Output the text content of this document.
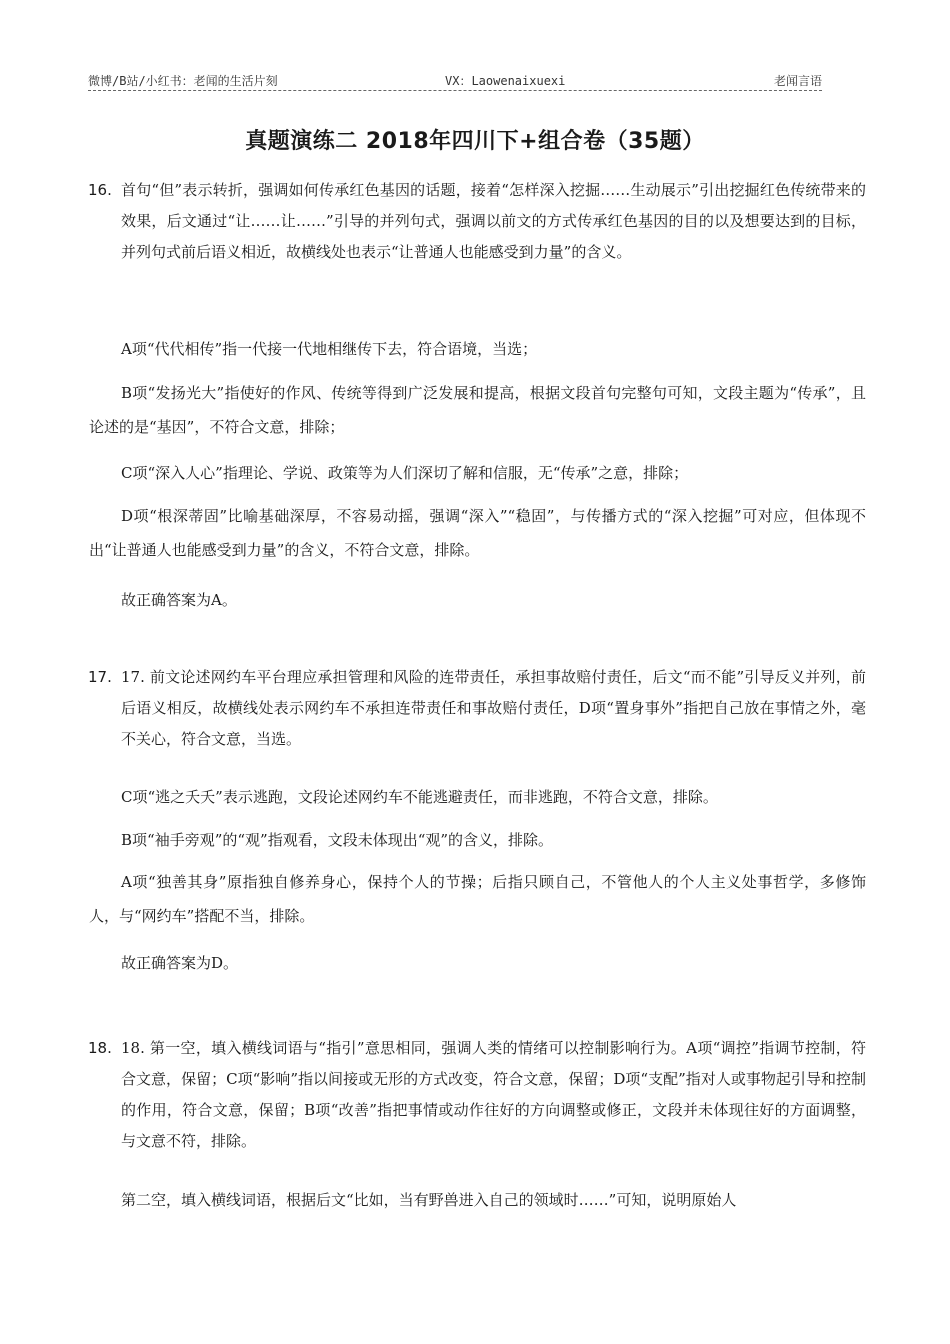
微博/B站/小红书：老闻的生活片刻	VX：Laowenaixuexi	老闻言语
真题演练二 2018年四川下+组合卷（35题）
16. 首句“但”表示转折，强调如何传承红色基因的话题，接着“怎样深入挖掘……生动展示”引出挖掘红色传统带来的效果，后文通过“让……让……”引导的并列句式，强调以前文的方式传承红色基因的目的以及想要达到的目标，并列句式前后语义相近，故横线处也表示“让普通人也能感受到力量”的含义。

A项“代代相传”指一代接一代地相继传下去，符合语境，当选；

B项“发扬光大”指使好的作风、传统等得到广泛发展和提高，根据文段首句完整句可知，文段主题为“传承”，且论述的是“基因”，不符合文意，排除；

C项“深入人心”指理论、学说、政策等为人们深切了解和信服，无“传承”之意，排除；

D项“根深蒂固”比喻基础深厚，不容易动摇，强调“深入”“稳固”，与传播方式的“深入挖掘”可对应，但体现不出“让普通人也能感受到力量”的含义，不符合文意，排除。

故正确答案为A。

17. 17. 前文论述网约车平台理应承担管理和风险的连带责任，承担事故赔付责任，后文“而不能”引导反义并列，前后语义相反，故横线处表示网约车不承担连带责任和事故赔付责任，D项“置身事外”指把自己放在事情之外，毫不关心，符合文意，当选。

C项“逃之夭夭”表示逃跑，文段论述网约车不能逃避责任，而非逃跑，不符合文意，排除。

B项“袖手旁观”的“观”指观看，文段未体现出“观”的含义，排除。

A项“独善其身”原指独自修养身心，保持个人的节操；后指只顾自己，不管他人的个人主义处事哲学，多修饰人，与“网约车”搭配不当，排除。

故正确答案为D。

18. 18. 第一空，填入横线词语与“指引”意思相同，强调人类的情绪可以控制影响行为。A项“调控”指调节控制，符合文意，保留；C项“影响”指以间接或无形的方式改变，符合文意，保留；D项“支配”指对人或事物起引导和控制的作用，符合文意，保留；B项“改善”指把事情或动作往好的方向调整或修正，文段并未体现往好的方面调整，与文意不符，排除。

第二空，填入横线词语，根据后文“比如，当有野兽进入自己的领域时……”可知，说明原始人
